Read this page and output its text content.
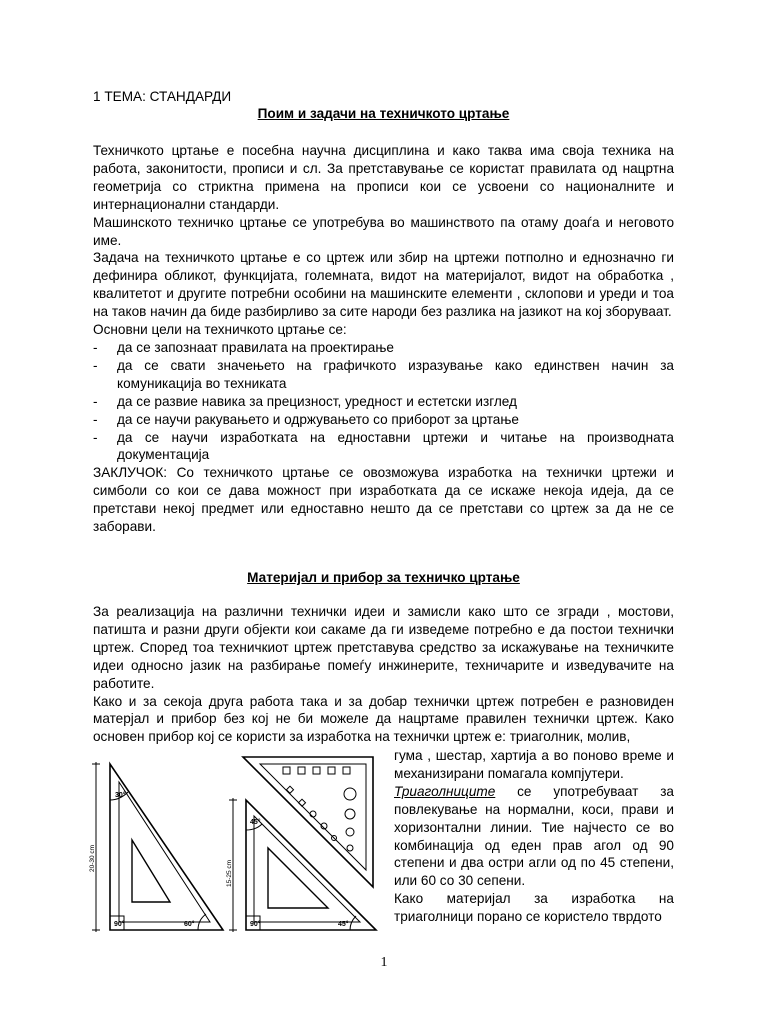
1 ТЕМА: СТАНДАРДИ
Поим и задачи на техничкото цртање

Техничкото цртање е посебна научна дисциплина и како таква има своја техника на работа, законитости, прописи и сл. За претставување се користат правилата од нацртна геометрија со стриктна примена на прописи кои се усвоени со националните и интернационални стандарди.

Машинското техничко цртање се употребува во машинството па отаму доаѓа и неговото име.

Задача на техничкото цртање е со цртеж или збир на цртежи потполно и еднозначно ги дефинира обликот, функцијата, големната, видот на материјалот, видот на обработка , квалитетот и другите потребни особини на машинските елементи , склопови и уреди и тоа на таков начин да биде разбирливо за сите народи без разлика на јазикот на кој зборуваат.

Основни цели на техничкото цртање се:

- да се запознаат правилата на проектирање
- да се свати значењето на графичкото изразување како единствен начин за комуникација во техниката
- да се развие навика за прецизност, уредност и естетски изглед
- да се научи ракувањето и одржувањето со приборот за цртање
- да се научи изработката на едноставни цртежи и читање на производната документација

ЗАКЛУЧОК: Со техничкото цртање се овозможува изработка на технички цртежи и симболи со кои се дава можност при изработката да се искаже некоја идеја, да се претстави некој предмет или едноставно нешто да се претстави со цртеж за да не се заборави.

Материјал и прибор за техничко цртање

За реализација на различни технички идеи и замисли како што се згради , мостови, патишта и разни други објекти кои сакаме да ги изведеме потребно е да постои технички цртеж. Според тоа техничкиот цртеж претставува средство за искажување на техничките идеи односно јазик на разбирање помеѓу инжинерите, техничарите и изведувачите на работите.

Како и за секоја друга работа така и за добар технички цртеж потребен е разновиден матерјал и прибор без кој не би можеле да нацртаме правилен технички цртеж. Како основен прибор кој се користи за изработка на технички цртеж е: триаголник, молив,

гума , шестар, хартија а во поново време и механизирани помагала компјутери.

Триаголниците се употребуваат за повлекување на нормални, коси, прави и хоризонтални линии. Тие најчесто се во комбинација од еден прав агол од 90 степени и два остри агли од по 45 степени, или 60 со 30 сепени.

Како материјал за изработка на триаголници порано се користело тврдото

30°
60°
90°
45°
45°
90°
20-30 cm
15-25 cm
1
